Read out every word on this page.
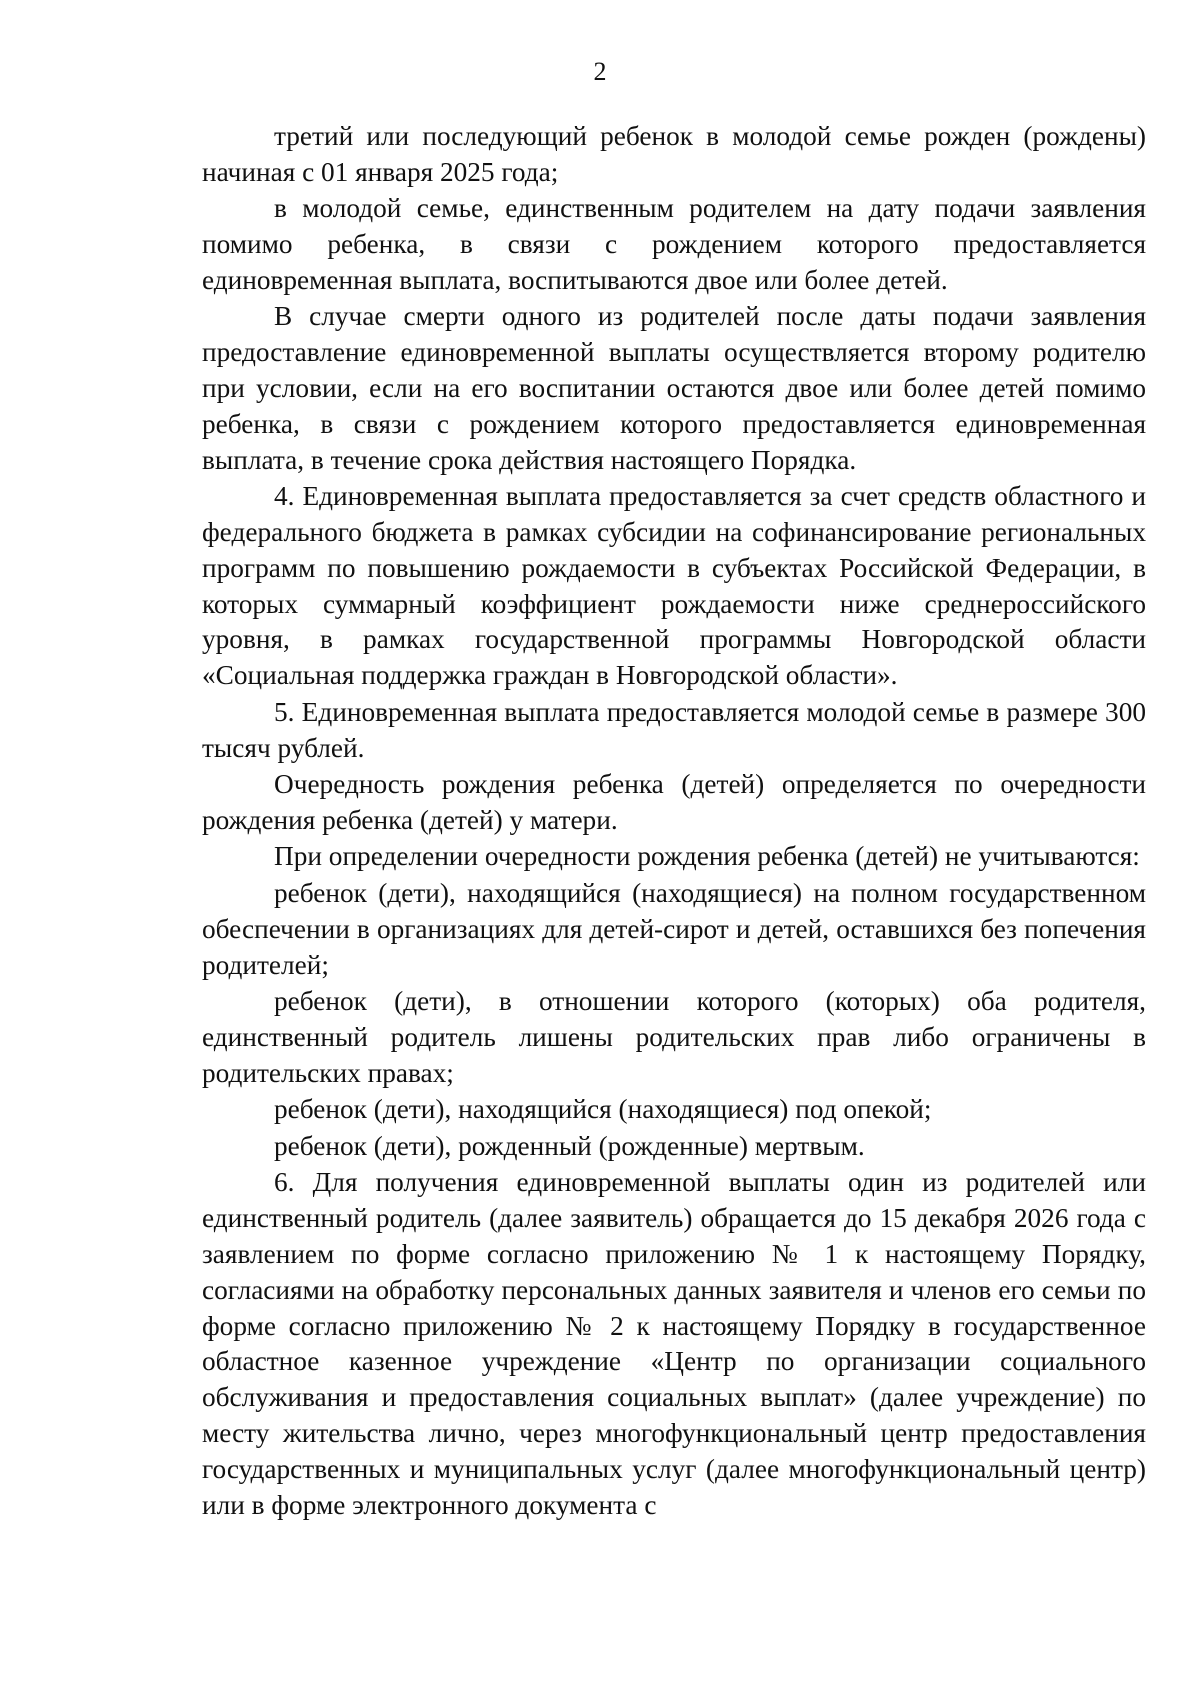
2

третий или последующий ребенок в молодой семье рожден (рождены) начиная с 01 января 2025 года;

в молодой семье, единственным родителем на дату подачи заявления помимо ребенка, в связи с рождением которого предоставляется единовременная выплата, воспитываются двое или более детей.

В случае смерти одного из родителей после даты подачи заявления предоставление единовременной выплаты осуществляется второму родителю при условии, если на его воспитании остаются двое или более детей помимо ребенка, в связи с рождением которого предоставляется единовременная выплата, в течение срока действия настоящего Порядка.

4. Единовременная выплата предоставляется за счет средств областного и федерального бюджета в рамках субсидии на софинансирование региональных программ по повышению рождаемости в субъектах Российской Федерации, в которых суммарный коэффициент рождаемости ниже среднероссийского уровня, в рамках государственной программы Новгородской области «Социальная поддержка граждан в Новгородской области».

5. Единовременная выплата предоставляется молодой семье в размере 300 тысяч рублей.

Очередность рождения ребенка (детей) определяется по очередности рождения ребенка (детей) у матери.

При определении очередности рождения ребенка (детей) не учитываются:

ребенок (дети), находящийся (находящиеся) на полном государственном обеспечении в организациях для детей-сирот и детей, оставшихся без попечения родителей;

ребенок (дети), в отношении которого (которых) оба родителя, единственный родитель лишены родительских прав либо ограничены в родительских правах;

ребенок (дети), находящийся (находящиеся) под опекой;

ребенок (дети), рожденный (рожденные) мертвым.

6. Для получения единовременной выплаты один из родителей или единственный родитель (далее заявитель) обращается до 15 декабря 2026 года с заявлением по форме согласно приложению № 1 к настоящему Порядку, согласиями на обработку персональных данных заявителя и членов его семьи по форме согласно приложению № 2 к настоящему Порядку в государственное областное казенное учреждение «Центр по организации социального обслуживания и предоставления социальных выплат» (далее учреждение) по месту жительства лично, через многофункциональный центр предоставления государственных и муниципальных услуг (далее многофункциональный центр) или в форме электронного документа с
